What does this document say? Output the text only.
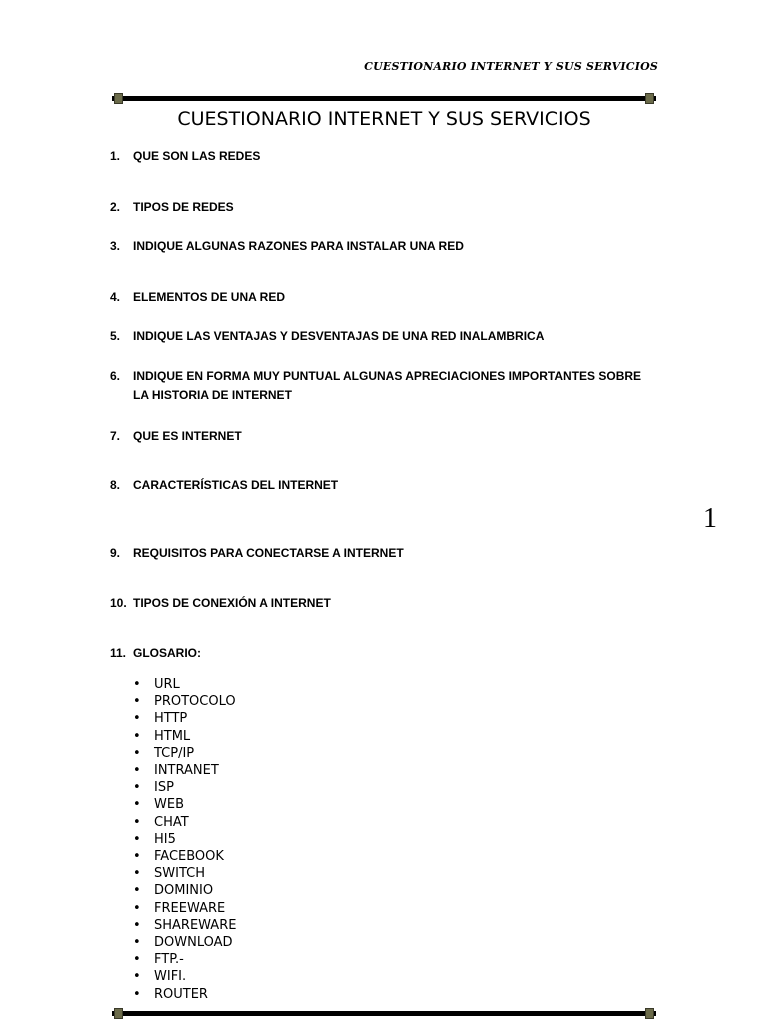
CUESTIONARIO INTERNET Y SUS SERVICIOS
CUESTIONARIO INTERNET Y SUS SERVICIOS
1. QUE SON LAS REDES
2. TIPOS DE REDES
3. INDIQUE ALGUNAS RAZONES PARA INSTALAR UNA RED
4. ELEMENTOS DE UNA RED
5. INDIQUE LAS VENTAJAS Y DESVENTAJAS DE UNA RED INALAMBRICA
6. INDIQUE EN FORMA MUY PUNTUAL ALGUNAS APRECIACIONES IMPORTANTES SOBRE LA HISTORIA DE INTERNET
7. QUE ES INTERNET
8. CARACTERÍSTICAS DEL INTERNET
1
9. REQUISITOS PARA CONECTARSE A INTERNET
10. TIPOS DE CONEXIÓN A INTERNET
11. GLOSARIO:
• URL
• PROTOCOLO
• HTTP
• HTML
• TCP/IP
• INTRANET
• ISP
• WEB
• CHAT
• HI5
• FACEBOOK
• SWITCH
• DOMINIO
• FREEWARE
• SHAREWARE
• DOWNLOAD
• FTP.-
• WIFI.
• ROUTER
